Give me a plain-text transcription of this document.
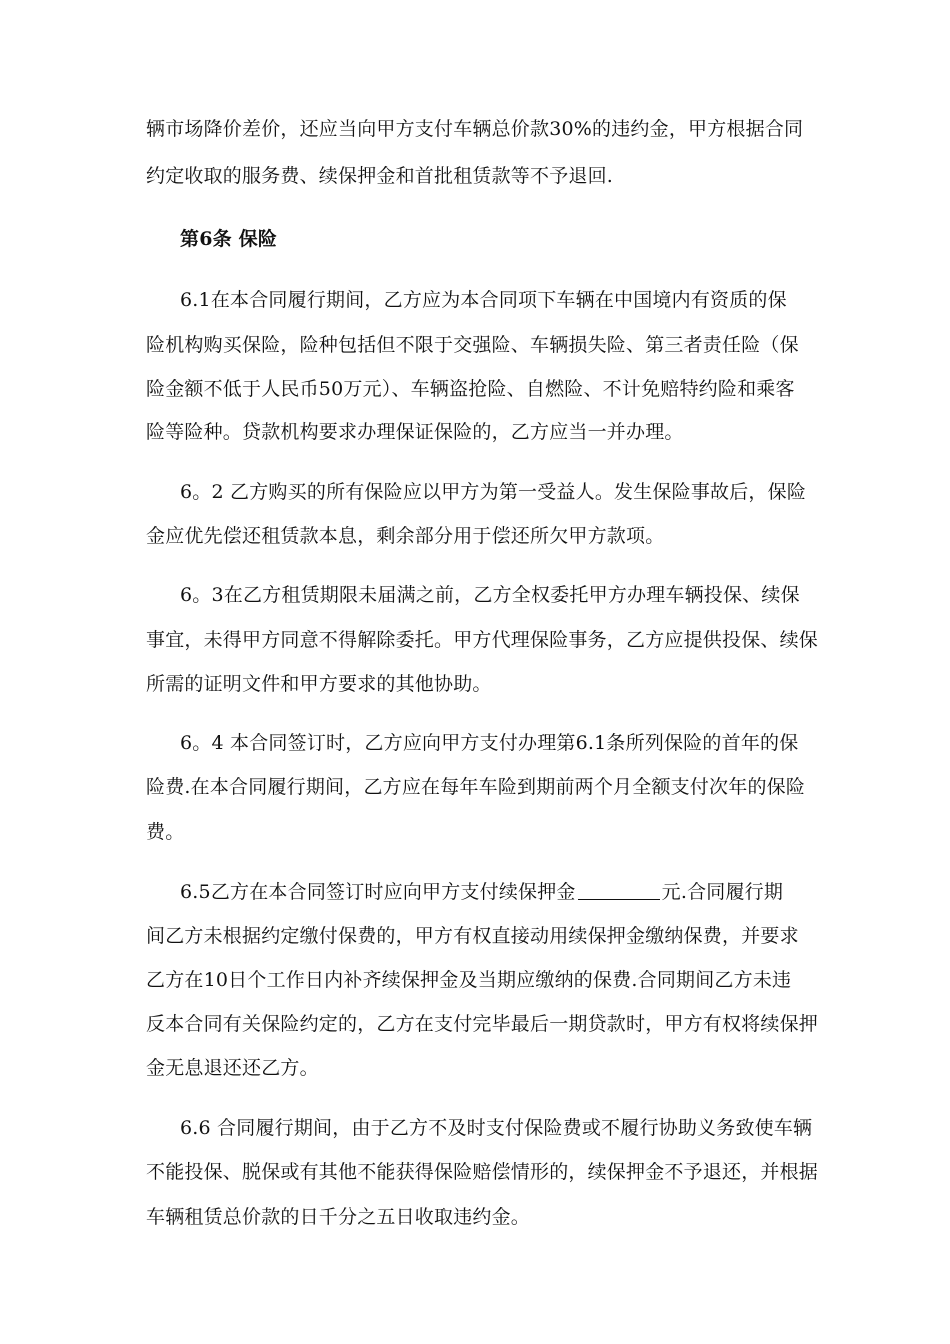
辆市场降价差价，还应当向甲方支付车辆总价款30%的违约金，甲方根据合同
约定收取的服务费、续保押金和首批租赁款等不予退回.
第6条 保险
6.1在本合同履行期间，乙方应为本合同项下车辆在中国境内有资质的保
险机构购买保险，险种包括但不限于交强险、车辆损失险、第三者责任险（保
险金额不低于人民币50万元）、车辆盗抢险、自燃险、不计免赔特约险和乘客
险等险种。贷款机构要求办理保证保险的，乙方应当一并办理。
6。2 乙方购买的所有保险应以甲方为第一受益人。发生保险事故后，保险
金应优先偿还租赁款本息，剩余部分用于偿还所欠甲方款项。
6。3在乙方租赁期限未届满之前，乙方全权委托甲方办理车辆投保、续保
事宜，未得甲方同意不得解除委托。甲方代理保险事务，乙方应提供投保、续保
所需的证明文件和甲方要求的其他协助。
6。4 本合同签订时，乙方应向甲方支付办理第6.1条所列保险的首年的保
险费.在本合同履行期间，乙方应在每年车险到期前两个月全额支付次年的保险
费。
6.5乙方在本合同签订时应向甲方支付续保押金	元.合同履行期
间乙方未根据约定缴付保费的，甲方有权直接动用续保押金缴纳保费，并要求
乙方在10日个工作日内补齐续保押金及当期应缴纳的保费.合同期间乙方未违
反本合同有关保险约定的，乙方在支付完毕最后一期贷款时，甲方有权将续保押
金无息退还还乙方。
6.6 合同履行期间，由于乙方不及时支付保险费或不履行协助义务致使车辆
不能投保、脱保或有其他不能获得保险赔偿情形的，续保押金不予退还，并根据
车辆租赁总价款的日千分之五日收取违约金。
